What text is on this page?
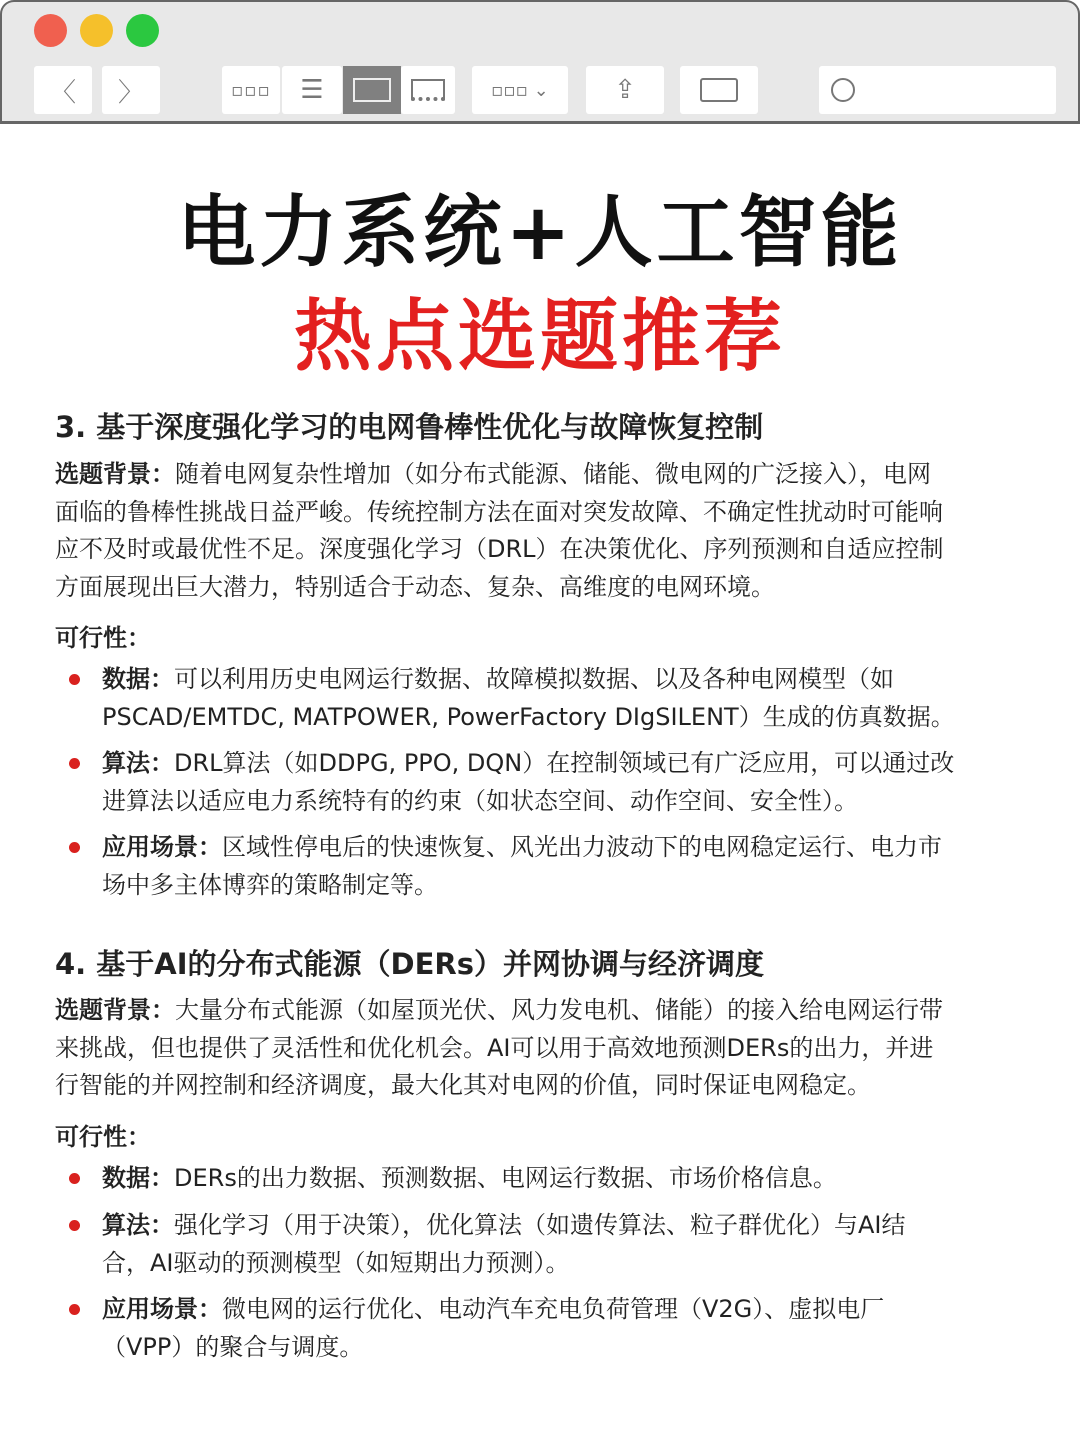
〈 〉	▫▫▫ ☰	▫▫▫ ⌄	⇪
电力系统+人工智能
热点选题推荐
3. 基于深度强化学习的电网鲁棒性优化与故障恢复控制
选题背景：随着电网复杂性增加（如分布式能源、储能、微电网的广泛接入），电网
面临的鲁棒性挑战日益严峻。传统控制方法在面对突发故障、不确定性扰动时可能响
应不及时或最优性不足。深度强化学习（DRL）在决策优化、序列预测和自适应控制
方面展现出巨大潜力，特别适合于动态、复杂、高维度的电网环境。
可行性：
数据：可以利用历史电网运行数据、故障模拟数据、以及各种电网模型（如
PSCAD/EMTDC, MATPOWER, PowerFactory DIgSILENT）生成的仿真数据。
算法：DRL算法（如DDPG, PPO, DQN）在控制领域已有广泛应用，可以通过改
进算法以适应电力系统特有的约束（如状态空间、动作空间、安全性）。
应用场景：区域性停电后的快速恢复、风光出力波动下的电网稳定运行、电力市
场中多主体博弈的策略制定等。
4. 基于AI的分布式能源（DERs）并网协调与经济调度
选题背景：大量分布式能源（如屋顶光伏、风力发电机、储能）的接入给电网运行带
来挑战，但也提供了灵活性和优化机会。AI可以用于高效地预测DERs的出力，并进
行智能的并网控制和经济调度，最大化其对电网的价值，同时保证电网稳定。
可行性：
数据：DERs的出力数据、预测数据、电网运行数据、市场价格信息。
算法：强化学习（用于决策），优化算法（如遗传算法、粒子群优化）与AI结
合，AI驱动的预测模型（如短期出力预测）。
应用场景：微电网的运行优化、电动汽车充电负荷管理（V2G）、虚拟电厂
（VPP）的聚合与调度。
